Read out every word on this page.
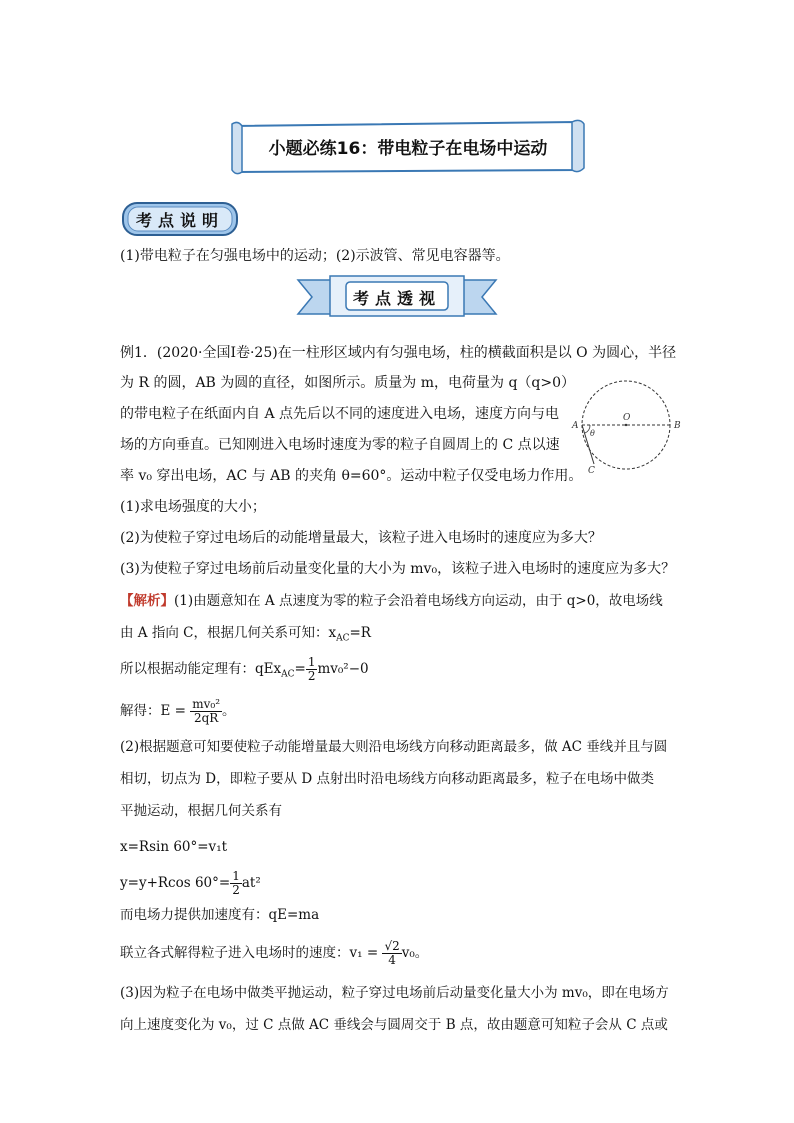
小题必练16：带电粒子在电场中运动
考点说明
(1)带电粒子在匀强电场中的运动；(2)示波管、常见电容器等。
考点透视
例1．(2020·全国Ⅰ卷·25)在一柱形区域内有匀强电场，柱的横截面积是以 O 为圆心，半径
为 R 的圆，AB 为圆的直径，如图所示。质量为 m，电荷量为 q（q>0）
的带电粒子在纸面内自 A 点先后以不同的速度进入电场，速度方向与电
场的方向垂直。已知刚进入电场时速度为零的粒子自圆周上的 C 点以速
率 v₀ 穿出电场，AC 与 AB 的夹角 θ=60°。运动中粒子仅受电场力作用。
(1)求电场强度的大小；
(2)为使粒子穿过电场后的动能增量最大，该粒子进入电场时的速度应为多大？
(3)为使粒子穿过电场前后动量变化量的大小为 mv₀，该粒子进入电场时的速度应为多大？
A	B
O
θ
C
【解析】(1)由题意知在 A 点速度为零的粒子会沿着电场线方向运动，由于 q>0，故电场线
由 A 指向 C，根据几何关系可知：$x_{AC}=R$
所以根据动能定理有：$qEx_{AC}= \frac{1}{2} mv_0^2-0$
解得：$E = \frac{\text{mv₀²}}{2qR}$ 。
(2)根据题意可知要使粒子动能增量最大则沿电场线方向移动距离最多，做 AC 垂线并且与圆
相切，切点为 D，即粒子要从 D 点射出时沿电场线方向移动距离最多，粒子在电场中做类
平抛运动，根据几何关系有
x=Rsin 60°=v₁t
y=y+Rcos $60^\circ= \frac{1}{2} at^2$
而电场力提供加速度有：qE=ma
联立各式解得粒子进入电场时的速度：$v_1 = \frac{√2}{4} v_0$。
(3)因为粒子在电场中做类平抛运动，粒子穿过电场前后动量变化量大小为 mv₀，即在电场方
向上速度变化为 v₀，过 C 点做 AC 垂线会与圆周交于 B 点，故由题意可知粒子会从 C 点或
